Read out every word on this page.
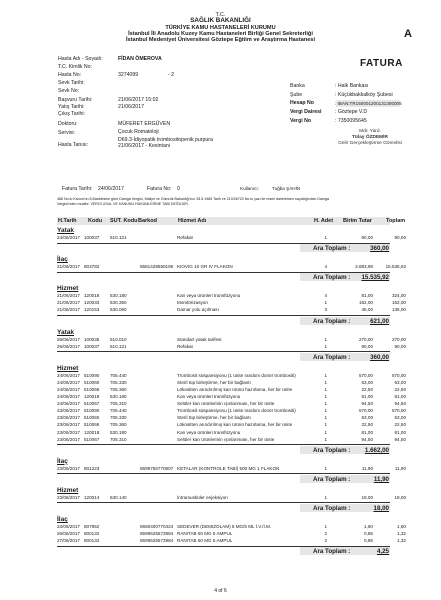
T.C.
SAĞLIK BAKANLIĞI
TÜRKİYE KAMU HASTANELERİ KURUMU
İstanbul İli Anadolu Kuzey Kamu Hastaneleri Birliği Genel Sekreterliği
İstanbul Medeniyet Üniversitesi Göztepe Eğitim ve Araştırma Hastanesi	A
FATURA
Hasta Adı - Soyadı:	FİDAN ÖMEROVA
T.C. Kimlik No:
Hasta No:	3274099	- 2
Sevk Tarihi:
Sevk No:
Başvuru Tarihi:	21/06/2017 15:02
Yatış Tarihi:	21/06/2017
Çıkış Tarihi:
Doktoru:	MÜFERET ERGÜVEN
Servisi:	Çocuk Romatoloji
Hasta Tanısı:
D69.3-İdiyopatik trombositopenik purpura
21/06/2017 - Kesintani
Banka	: Halk Bankası
Şube	: Küçükbakkalköy Şubesi
Hesap No	: IBAN:TR150001200131300005
Vergi Dairesi	: Göztepe V.D
Vergi No	: 7350095645
Mdr. Yard.
Tülay ÖZDEMİR
Gelir Gerçekleştirme Görevlisi
Fatura Tarihi: 24/06/2017	Fatura No: 0	Kullanıcı:	Tuğba ŞAHİN
488 No.lu Kanun'un 8.Maddesine göre Damga Vergisi, Maliye ve Gümrük Bakanlığı'nın 28.5.1985 Tarih ve 210/26720 No.lu yazı ile resmi dairelerden sayıldığından Damga
Vergisi'nden muaftır. VERGİ USUL VE KANUNU HÜKÜMLERİNE TABİ DEĞİLDİR.
H.Tarih Kodu SUT. Kodu Barkod	Hizmet Adı	H. Adet Birim Tutar	Toplam
Yatak
24/06/2017 100037 510.121	Refakat	1	90,00	90,00
Ara Toplam :	360,00
İlaç
21/06/2017 803782	8681429550196 KIOVIG 10 GR IV FLAKON	4	3.883,98	15.535,92
Ara Toplam : 15.535,92
Hizmet
21/06/2017 120018 530.180	Kan veya ürünleri transfüzyonu	4	81,00	324,00
21/06/2017 120033 530.350	Monitörizasyon	1	162,00	162,00
21/06/2017 120153 530.060	Damar yolu açılması	3	45,00	135,00
Ara Toplam :	621,00
Yatak
26/06/2017 100036 510.010	Standart yatak tarifesi	1	270,00	270,00
26/06/2017 100037 510.121	Refakat	1	90,00	90,00
Ara Toplam :	360,00
Hizmet
24/06/2017 510090 705.440	Trombosit süspansiyonu (1 ünite random donör trombositi)	1	570,00	570,00
24/06/2017 510060 705.330	Steril tüp birleştirme, her bir bağlantı	1	63,00	63,00
24/06/2017 510066 705.360	Lökositten arındırılmış kan ürünü hazırlama, her bir ünite	1	22,50	22,50
24/06/2017 120018 530.180	Kan veya ürünleri transfüzyonu	1	81,00	81,00
24/06/2017 510067 705.310	Selüler kan ürünlerinin ışınlanması, her bir ünite	1	94,50	94,50
23/06/2017 510090 705.440	Trombosit süspansiyonu (1 ünite random donör trombositi)	1	570,00	570,00
23/06/2017 510060 705.330	Steril tüp birleştirme, her bir bağlantı	1	63,00	63,00
23/06/2017 510066 705.360	Lökositten arındırılmış kan ürünü hazırlama, her bir ünite	1	22,50	22,50
23/06/2017 120018 530.180	Kan veya ürünleri transfüzyonu	1	81,00	81,00
23/06/2017 510067 705.310	Selüler kan ürünlerinin ışınlanması, her bir ünite	1	94,50	94,50
Ara Toplam : 1.662,00
İlaç
23/06/2017 801223	8699756770807 KETALAR (KONTROLE TABİ) 500 MG 1 FLAKON	1	11,90	11,90
Ara Toplam :	11,90
Hizmet
23/06/2017 120014 530.140	İntramusküler enjeksiyon	1	18,00	18,00
Ara Toplam :	18,00
İlaç
23/06/2017 807952	8680400770424 SEDEVER (DEMIZOLAM) 5 MG/5 ML İ.V./İ.M.	1	1,60	1,60
26/06/2017 800132	8699525573984 RANITAB 50 MG 5 AMPUL	2	0,86	1,32
27/06/2017 800132	8699525573984 RANITAB 50 MG 5 AMPUL	2	0,86	1,32
Ara Toplam :	4,25
4 of 6
